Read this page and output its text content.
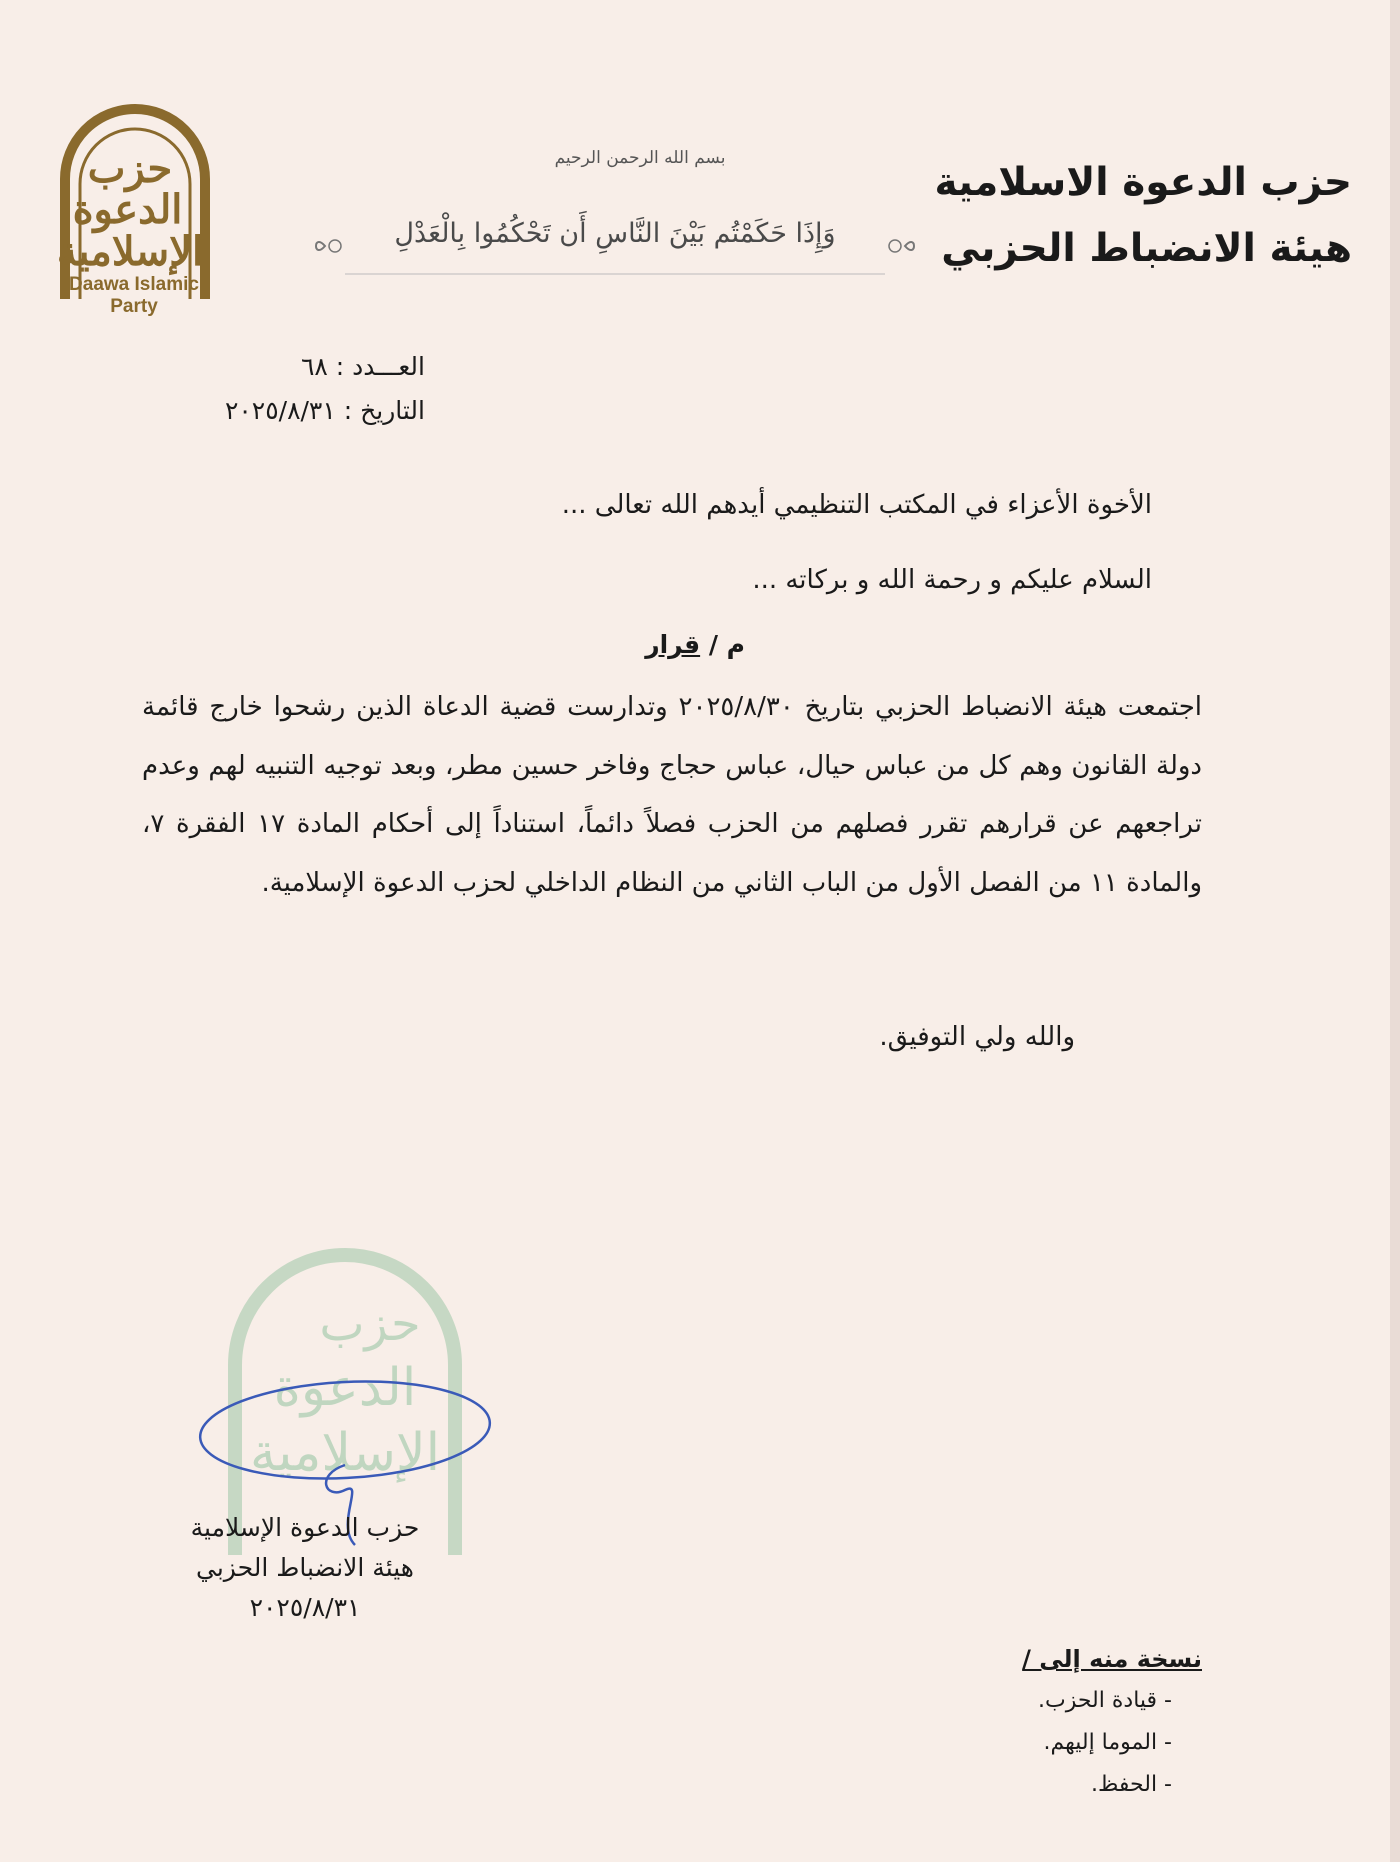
حزب الدعوة الاسلامية
هيئة الانضباط الحزبي
بسم الله الرحمن الرحيم
وَإِذَا حَكَمْتُم بَيْنَ النَّاسِ أَن تَحْكُمُوا بِالْعَدْلِ
حزب
الدعوة
الإسلامية
Daawa Islamic Party
العـــدد : ٦٨
التاريخ : ٢٠٢٥/٨/٣١
الأخوة الأعزاء في المكتب التنظيمي أيدهم الله تعالى ...
السلام عليكم و رحمة الله و بركاته ...
م / قرار
اجتمعت هيئة الانضباط الحزبي بتاريخ ٢٠٢٥/٨/٣٠ وتدارست قضية الدعاة الذين رشحوا خارج قائمة دولة القانون وهم كل من عباس حيال، عباس حجاج وفاخر حسين مطر، وبعد توجيه التنبيه لهم وعدم تراجعهم عن قرارهم تقرر فصلهم من الحزب فصلاً دائماً، استناداً إلى أحكام المادة ١٧ الفقرة ٧، والمادة ١١ من الفصل الأول من الباب الثاني من النظام الداخلي لحزب الدعوة الإسلامية.
والله ولي التوفيق.
حزب
الدعوة
الإسلامية
حزب الدعوة الإسلامية
هيئة الانضباط الحزبي
٢٠٢٥/٨/٣١
نسخة منه إلى /
- قيادة الحزب.
- الموما إليهم.
- الحفظ.
